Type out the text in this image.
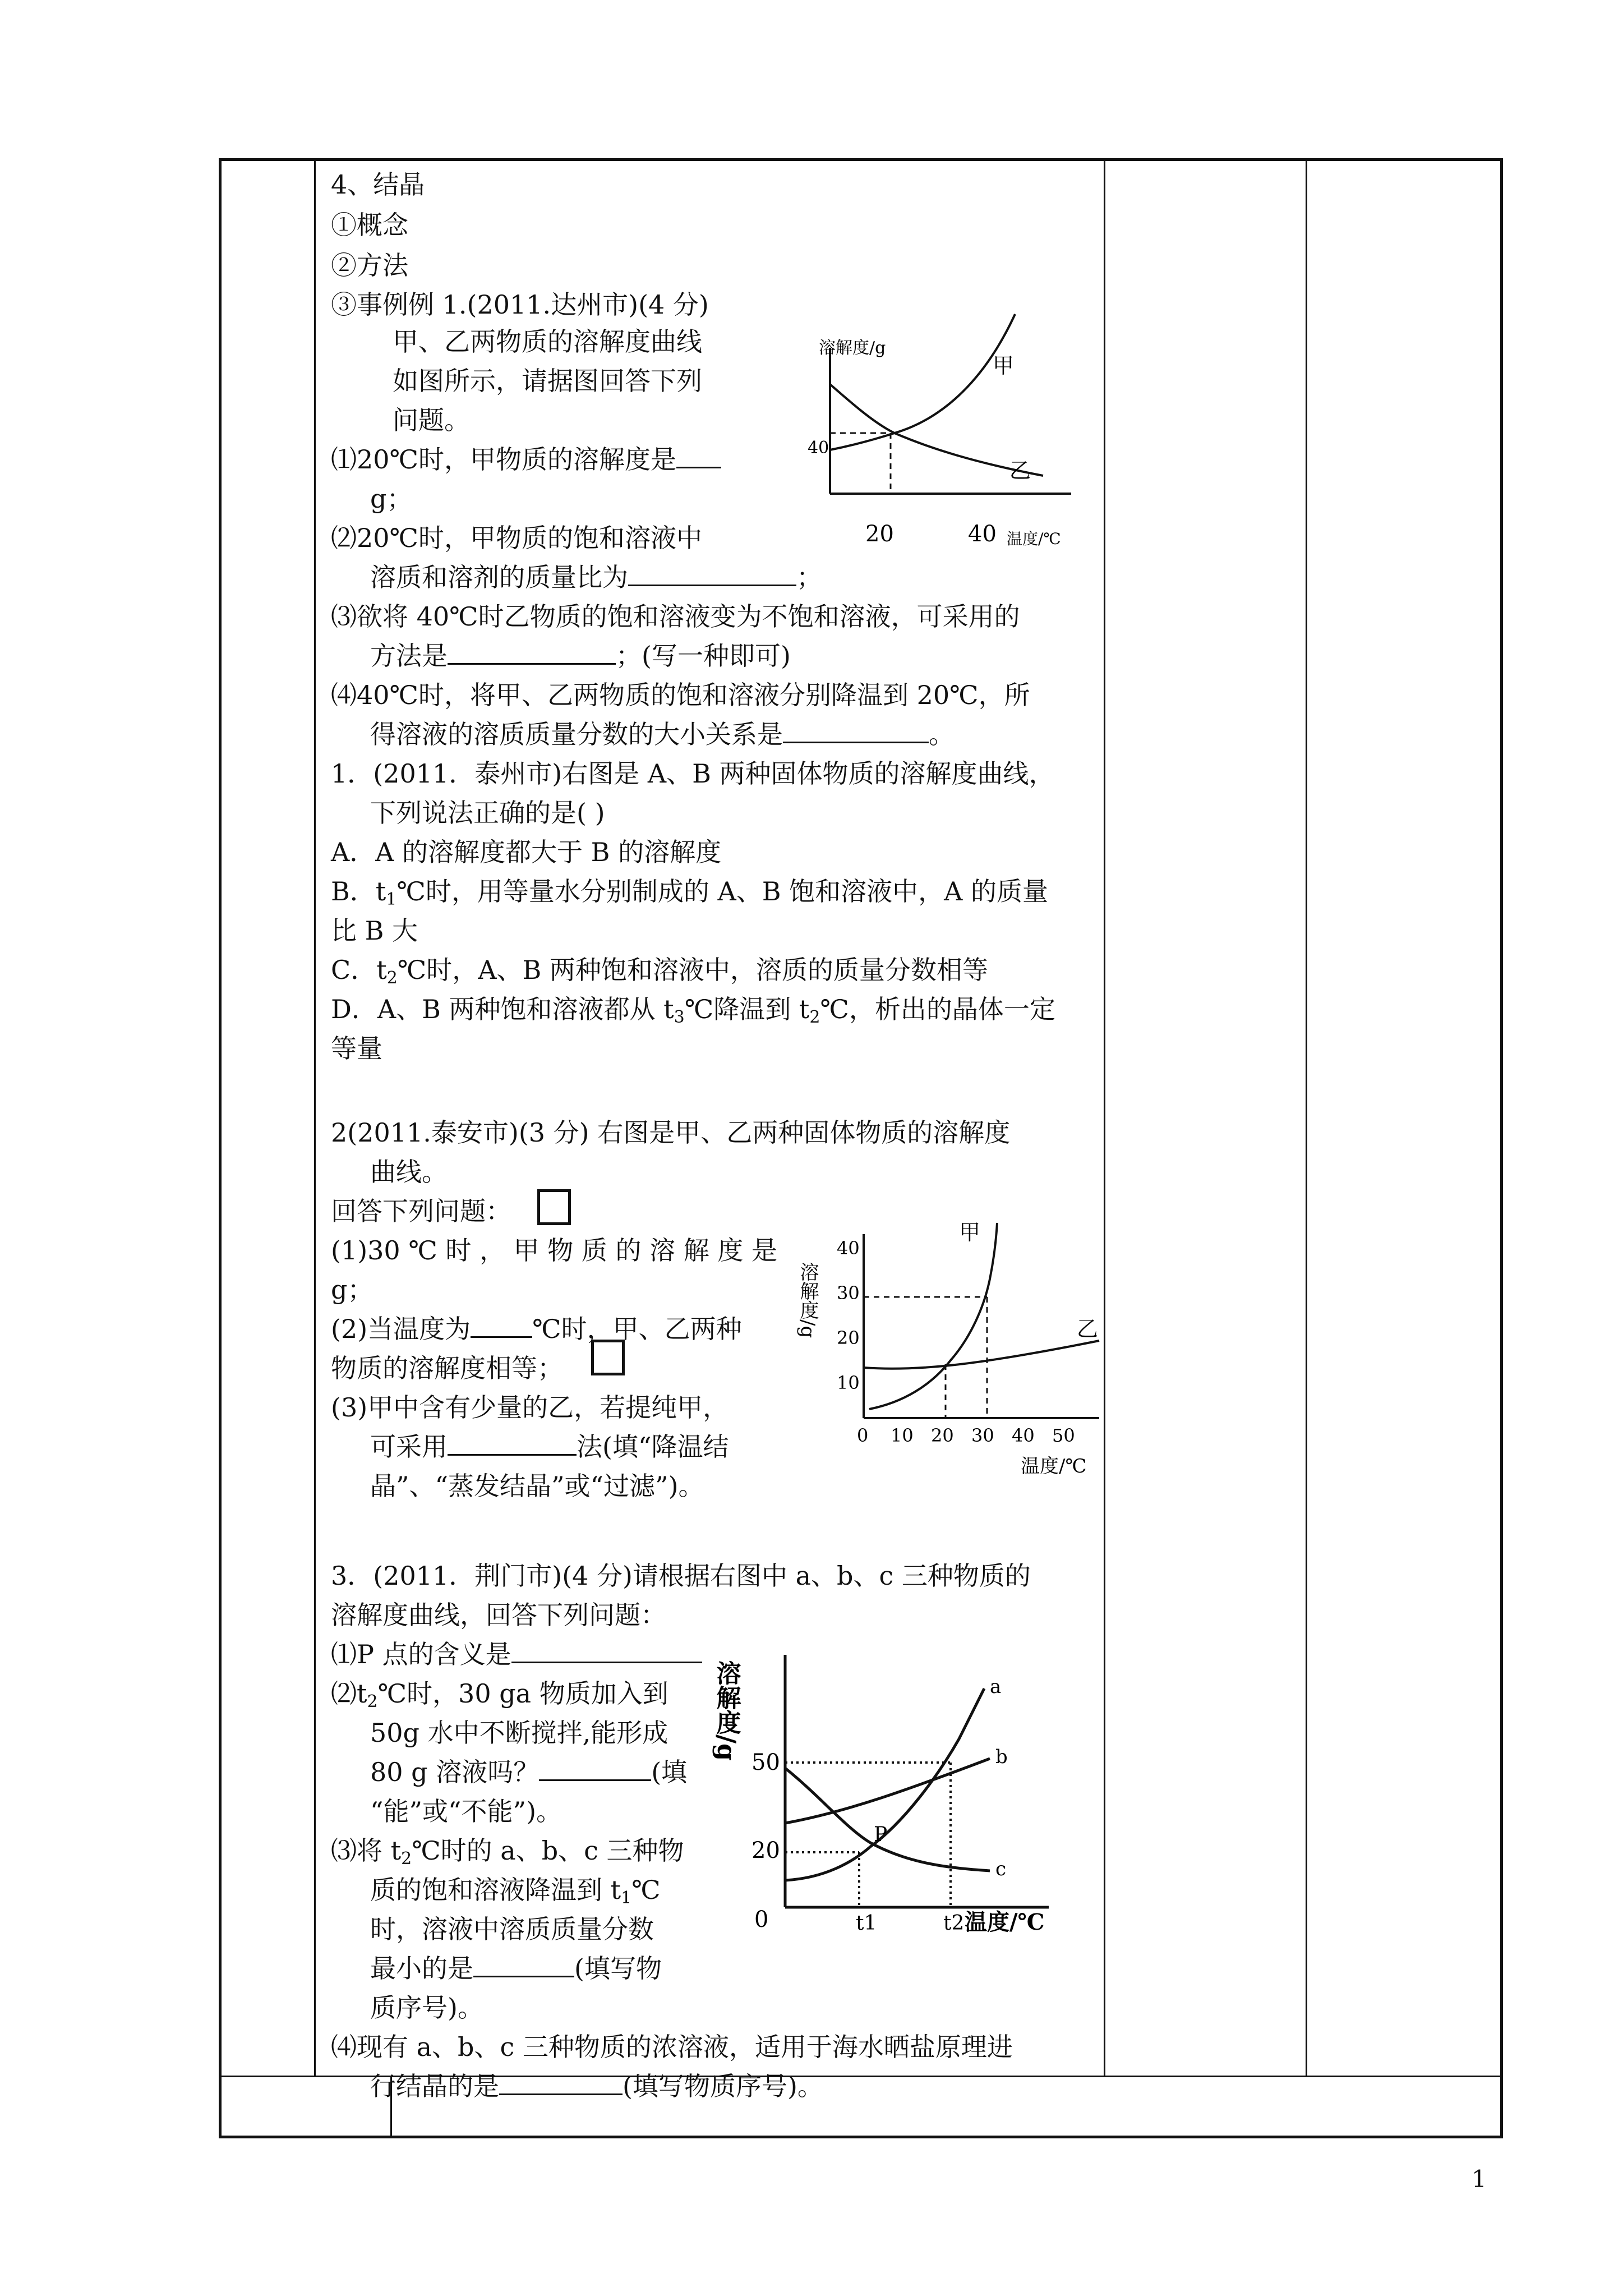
4、结晶
①概念
②方法
③事例例 1.(2011.达州市)(4 分)
甲、乙两物质的溶解度曲线
如图所示，请据图回答下列
问题。
⑴20℃时，甲物质的溶解度是
g；
⑵20℃时，甲物质的饱和溶液中
溶质和溶剂的质量比为	；
⑶欲将 40℃时乙物质的饱和溶液变为不饱和溶液，可采用的
方法是	；(写一种即可)
⑷40℃时，将甲、乙两物质的饱和溶液分别降温到 20℃，所
得溶液的溶质质量分数的大小关系是	。
1．(2011．泰州市)右图是 A、B 两种固体物质的溶解度曲线，
下列说法正确的是( )
A．A 的溶解度都大于 B 的溶解度
B．$t_1℃$时，用等量水分别制成的 A、B 饱和溶液中，A 的质量
比 B 大
C．$t_2℃$时，A、B 两种饱和溶液中，溶质的质量分数相等
D．A、B 两种饱和溶液都从 $t_3℃$降温到 $t_2℃$，析出的晶体一定
等量
2(2011.泰安市)(3 分) 右图是甲、乙两种固体物质的溶解度
曲线。
回答下列问题：
(1)30 ℃ 时 ， 甲 物 质 的 溶 解 度 是
g；
(2)当温度为 ℃时，甲、乙两种
物质的溶解度相等；
(3)甲中含有少量的乙，若提纯甲，
可采用	法(填“降温结
晶”、“蒸发结晶”或“过滤”)。
3．(2011．荆门市)(4 分)请根据右图中 a、b、c 三种物质的
溶解度曲线，回答下列问题：
⑴P 点的含义是
$⑵t_2℃$时，30 ga 物质加入到
50g 水中不断搅拌,能形成
80 g 溶液吗？	(填
“能”或“不能”)。
⑶将 $t_2℃$时的 a、b、c 三种物
质的饱和溶液降温到 $t_1℃$
时，溶液中溶质质量分数
最小的是	(填写物
质序号)。
⑷现有 a、b、c 三种物质的浓溶液，适用于海水晒盐原理进
行结晶的是	(填写物质序号)。
溶解度/g
温度/℃
40
20	40
甲
乙
溶解度/g
40
30
20
10
0 10 20 30 40 50
温度/℃
甲
乙
溶解度/g
50
20
0	t1	t2 温度/℃
a
b
c
P
1
